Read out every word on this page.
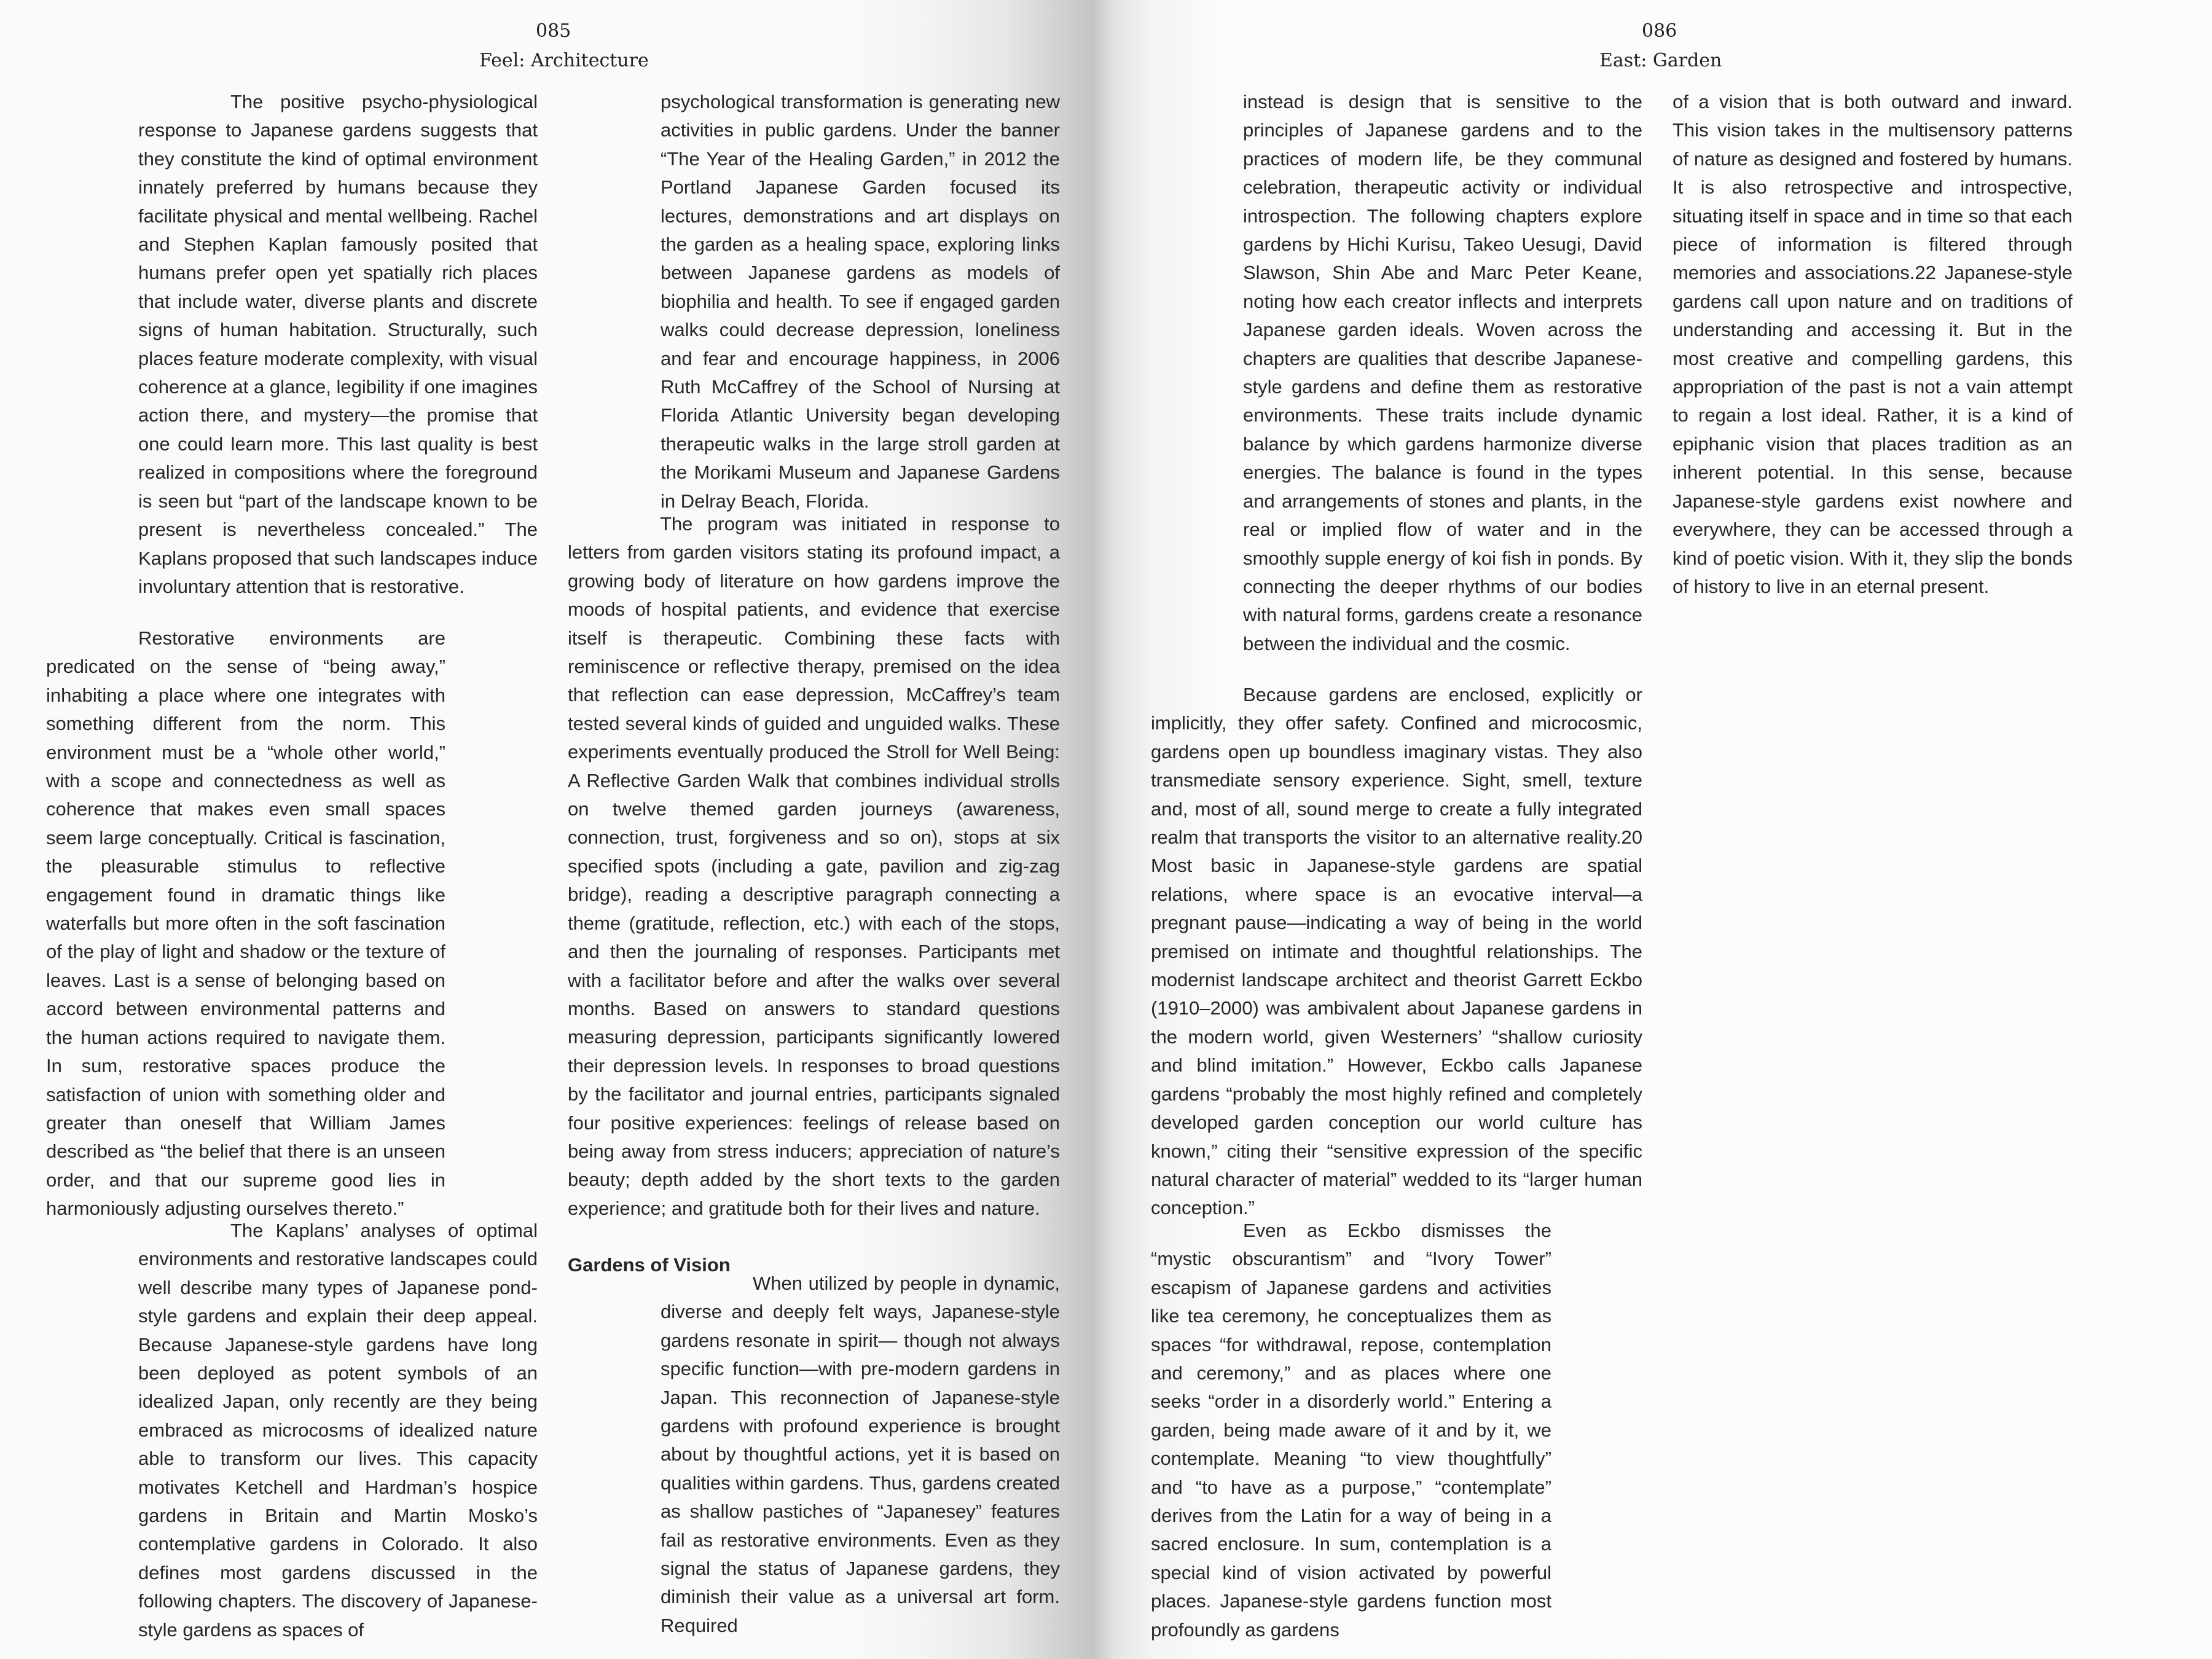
085
Feel: Architecture

The positive psycho-physiological response to Japanese gardens suggests that they constitute the kind of optimal environment innately preferred by humans because they facilitate physical and mental wellbeing. Rachel and Stephen Kaplan famously posited that humans prefer open yet spatially rich places that include water, diverse plants and discrete signs of human habitation. Structurally, such places feature moderate complexity, with visual coherence at a glance, legibility if one imagines action there, and mystery—the promise that one could learn more. This last quality is best realized in compositions where the foreground is seen but “part of the landscape known to be present is nevertheless concealed.” The Kaplans proposed that such landscapes induce involuntary attention that is restorative.

Restorative environments are predicated on the sense of “being away,” inhabiting a place where one integrates with something different from the norm. This environment must be a “whole other world,” with a scope and connectedness as well as coherence that makes even small spaces seem large conceptually. Critical is fascination, the pleasurable stimulus to reflective engagement found in dramatic things like waterfalls but more often in the soft fascination of the play of light and shadow or the texture of leaves. Last is a sense of belonging based on accord between environmental patterns and the human actions required to navigate them. In sum, restorative spaces produce the satisfaction of union with something older and greater than oneself that William James described as “the belief that there is an unseen order, and that our supreme good lies in harmoniously adjusting ourselves thereto.”

The Kaplans’ analyses of optimal environments and restorative landscapes could well describe many types of Japanese pond-style gardens and explain their deep appeal. Because Japanese-style gardens have long been deployed as potent symbols of an idealized Japan, only recently are they being embraced as microcosms of idealized nature able to transform our lives. This capacity motivates Ketchell and Hardman’s hospice gardens in Britain and Martin Mosko’s contemplative gardens in Colorado. It also defines most gardens discussed in the following chapters. The discovery of Japanese-style gardens as spaces of

psychological transformation is generating new activities in public gardens. Under the banner “The Year of the Healing Garden,” in 2012 the Portland Japanese Garden focused its lectures, demonstrations and art displays on the garden as a healing space, exploring links between Japanese gardens as models of biophilia and health. To see if engaged garden walks could decrease depression, loneliness and fear and encourage happiness, in 2006 Ruth McCaffrey of the School of Nursing at Florida Atlantic University began developing therapeutic walks in the large stroll garden at the Morikami Museum and Japanese Gardens in Delray Beach, Florida.

The program was initiated in response to letters from garden visitors stating its profound impact, a growing body of literature on how gardens improve the moods of hospital patients, and evidence that exercise itself is therapeutic. Combining these facts with reminiscence or reflective therapy, premised on the idea that reflection can ease depression, McCaffrey’s team tested several kinds of guided and unguided walks. These experiments eventually produced the Stroll for Well Being: A Reflective Garden Walk that combines individual strolls on twelve themed garden journeys (awareness, connection, trust, forgiveness and so on), stops at six specified spots (including a gate, pavilion and zig-zag bridge), reading a descriptive paragraph connecting a theme (gratitude, reflection, etc.) with each of the stops, and then the journaling of responses. Participants met with a facilitator before and after the walks over several months. Based on answers to standard questions measuring depression, participants significantly lowered their depression levels. In responses to broad questions by the facilitator and journal entries, participants signaled four positive experiences: feelings of release based on being away from stress inducers; appreciation of nature’s beauty; depth added by the short texts to the garden experience; and gratitude both for their lives and nature.

Gardens of Vision

When utilized by people in dynamic, diverse and deeply felt ways, Japanese-style gardens resonate in spirit— though not always specific function—with pre-modern gardens in Japan. This reconnection of Japanese-style gardens with profound experience is brought about by thoughtful actions, yet it is based on qualities within gardens. Thus, gardens created as shallow pastiches of “Japanesey” features fail as restorative environments. Even as they signal the status of Japanese gardens, they diminish their value as a universal art form. Required

086
East: Garden

instead is design that is sensitive to the principles of Japanese gardens and to the practices of modern life, be they communal celebration, therapeutic activity or individual introspection. The following chapters explore gardens by Hichi Kurisu, Takeo Uesugi, David Slawson, Shin Abe and Marc Peter Keane, noting how each creator inflects and interprets Japanese garden ideals. Woven across the chapters are qualities that describe Japanese-style gardens and define them as restorative environments. These traits include dynamic balance by which gardens harmonize diverse energies. The balance is found in the types and arrangements of stones and plants, in the real or implied flow of water and in the smoothly supple energy of koi fish in ponds. By connecting the deeper rhythms of our bodies with natural forms, gardens create a resonance between the individual and the cosmic.

Because gardens are enclosed, explicitly or implicitly, they offer safety. Confined and microcosmic, gardens open up boundless imaginary vistas. They also transmediate sensory experience. Sight, smell, texture and, most of all, sound merge to create a fully integrated realm that transports the visitor to an alternative reality.20 Most basic in Japanese-style gardens are spatial relations, where space is an evocative interval—a pregnant pause—indicating a way of being in the world premised on intimate and thoughtful relationships. The modernist landscape architect and theorist Garrett Eckbo (1910–2000) was ambivalent about Japanese gardens in the modern world, given Westerners’ “shallow curiosity and blind imitation.” However, Eckbo calls Japanese gardens “probably the most highly refined and completely developed garden conception our world culture has known,” citing their “sensitive expression of the specific natural character of material” wedded to its “larger human conception.”

Even as Eckbo dismisses the “mystic obscurantism” and “Ivory Tower” escapism of Japanese gardens and activities like tea ceremony, he conceptualizes them as spaces “for withdrawal, repose, contemplation and ceremony,” and as places where one seeks “order in a disorderly world.” Entering a garden, being made aware of it and by it, we contemplate. Meaning “to view thoughtfully” and “to have as a purpose,” “contemplate” derives from the Latin for a way of being in a sacred enclosure. In sum, contemplation is a special kind of vision activated by powerful places. Japanese-style gardens function most profoundly as gardens

of a vision that is both outward and inward. This vision takes in the multisensory patterns of nature as designed and fostered by humans. It is also retrospective and introspective, situating itself in space and in time so that each piece of information is filtered through memories and associations.22 Japanese-style gardens call upon nature and on traditions of understanding and accessing it. But in the most creative and compelling gardens, this appropriation of the past is not a vain attempt to regain a lost ideal. Rather, it is a kind of epiphanic vision that places tradition as an inherent potential. In this sense, because Japanese-style gardens exist nowhere and everywhere, they can be accessed through a kind of poetic vision. With it, they slip the bonds of history to live in an eternal present.
